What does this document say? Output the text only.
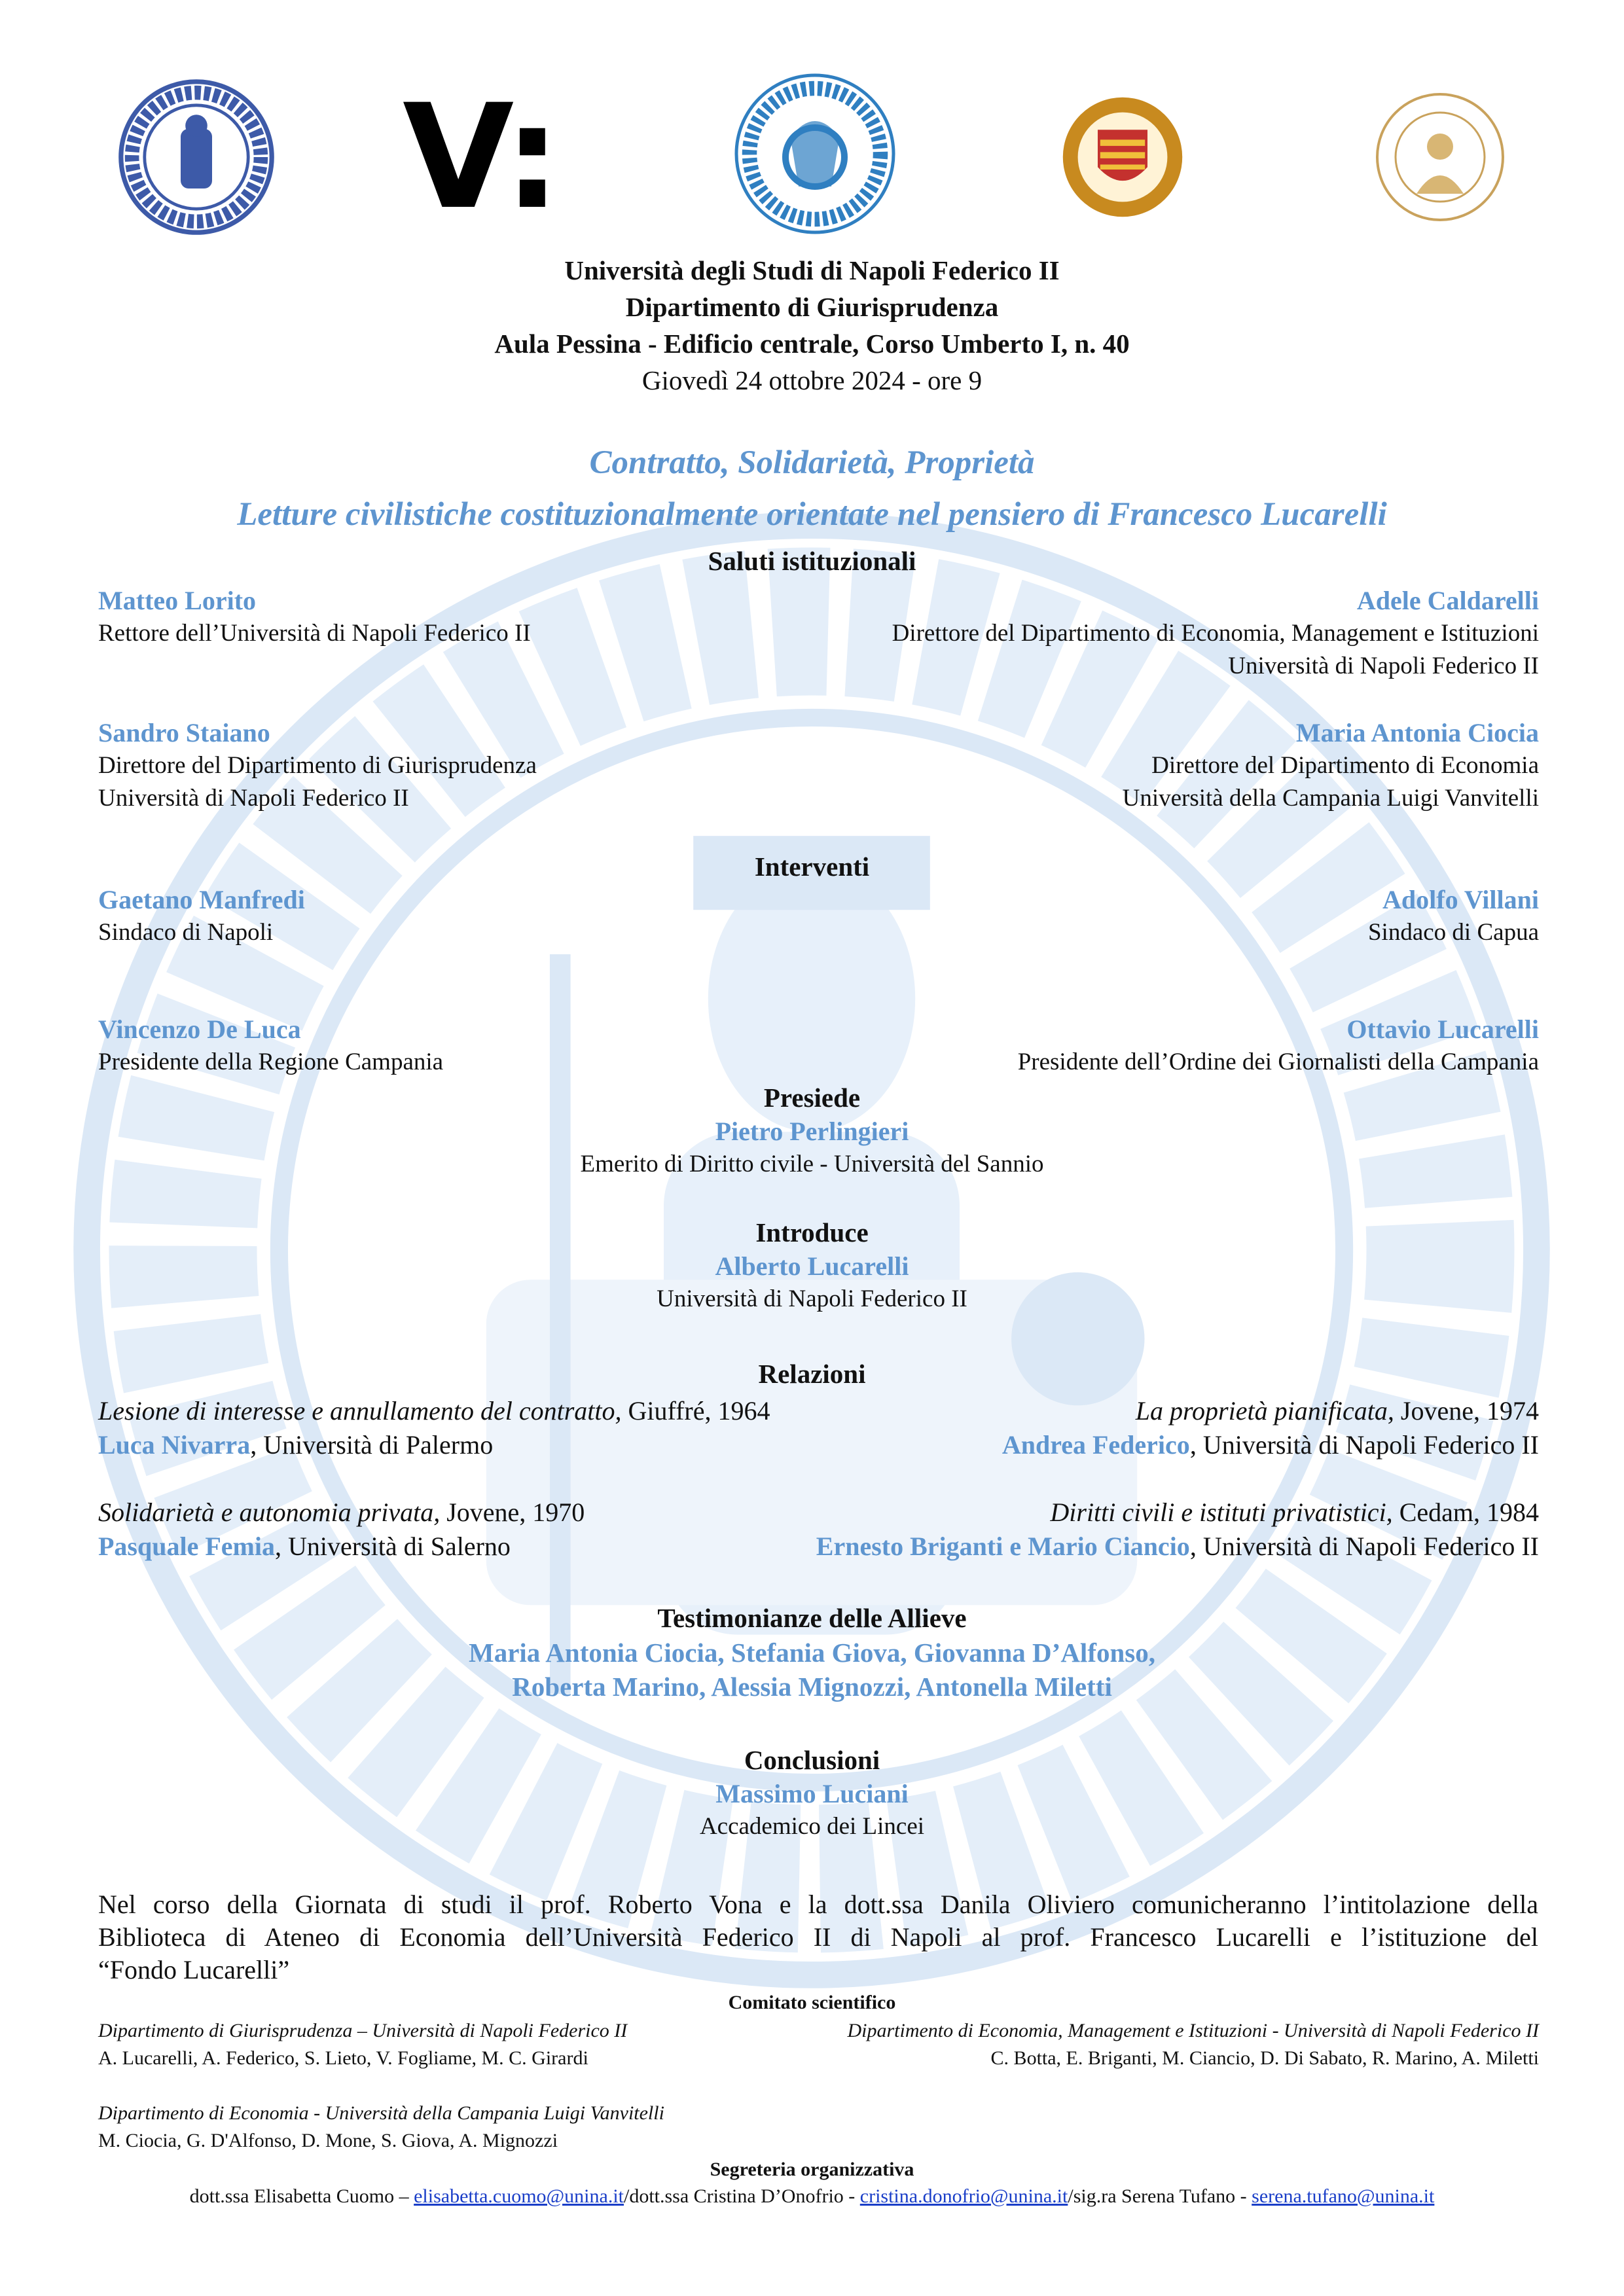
V:
Università degli Studi di Napoli Federico II
Dipartimento di Giurisprudenza
Aula Pessina - Edificio centrale, Corso Umberto I, n. 40
Giovedì 24 ottobre 2024 - ore 9
Contratto, Solidarietà, Proprietà
Letture civilistiche costituzionalmente orientate nel pensiero di Francesco Lucarelli
Saluti istituzionali
Matteo Lorito
Rettore dell’Università di Napoli Federico II
Adele Caldarelli
Direttore del Dipartimento di Economia, Management e Istituzioni
Università di Napoli Federico II
Sandro Staiano
Direttore del Dipartimento di Giurisprudenza
Università di Napoli Federico II
Maria Antonia Ciocia
Direttore del Dipartimento di Economia
Università della Campania Luigi Vanvitelli
Interventi
Gaetano Manfredi
Sindaco di Napoli
Adolfo Villani
Sindaco di Capua
Vincenzo De Luca
Presidente della Regione Campania
Ottavio Lucarelli
Presidente dell’Ordine dei Giornalisti della Campania
Presiede
Pietro Perlingieri
Emerito di Diritto civile - Università del Sannio
Introduce
Alberto Lucarelli
Università di Napoli Federico II
Relazioni
Lesione di interesse e annullamento del contratto, Giuffré, 1964
Luca Nivarra, Università di Palermo
La proprietà pianificata, Jovene, 1974
Andrea Federico, Università di Napoli Federico II
Solidarietà e autonomia privata, Jovene, 1970
Pasquale Femia, Università di Salerno
Diritti civili e istituti privatistici, Cedam, 1984
Ernesto Briganti e Mario Ciancio, Università di Napoli Federico II
Testimonianze delle Allieve
Maria Antonia Ciocia, Stefania Giova, Giovanna D’Alfonso,
Roberta Marino, Alessia Mignozzi, Antonella Miletti
Conclusioni
Massimo Luciani
Accademico dei Lincei
Nel corso della Giornata di studi il prof. Roberto Vona e la dott.ssa Danila Oliviero comunicheranno l’intitolazione della
Biblioteca di Ateneo di Economia dell’Università Federico II di Napoli al prof. Francesco Lucarelli e l’istituzione del
“Fondo Lucarelli”
Comitato scientifico
Dipartimento di Giurisprudenza – Università di Napoli Federico II
A. Lucarelli, A. Federico, S. Lieto, V. Fogliame, M. C. Girardi
Dipartimento di Economia, Management e Istituzioni - Università di Napoli Federico II
C. Botta, E. Briganti, M. Ciancio, D. Di Sabato, R. Marino, A. Miletti
Dipartimento di Economia - Università della Campania Luigi Vanvitelli
M. Ciocia, G. D'Alfonso, D. Mone, S. Giova, A. Mignozzi
Segreteria organizzativa
dott.ssa Elisabetta Cuomo – elisabetta.cuomo@unina.it/dott.ssa Cristina D’Onofrio - cristina.donofrio@unina.it/sig.ra Serena Tufano - serena.tufano@unina.it
